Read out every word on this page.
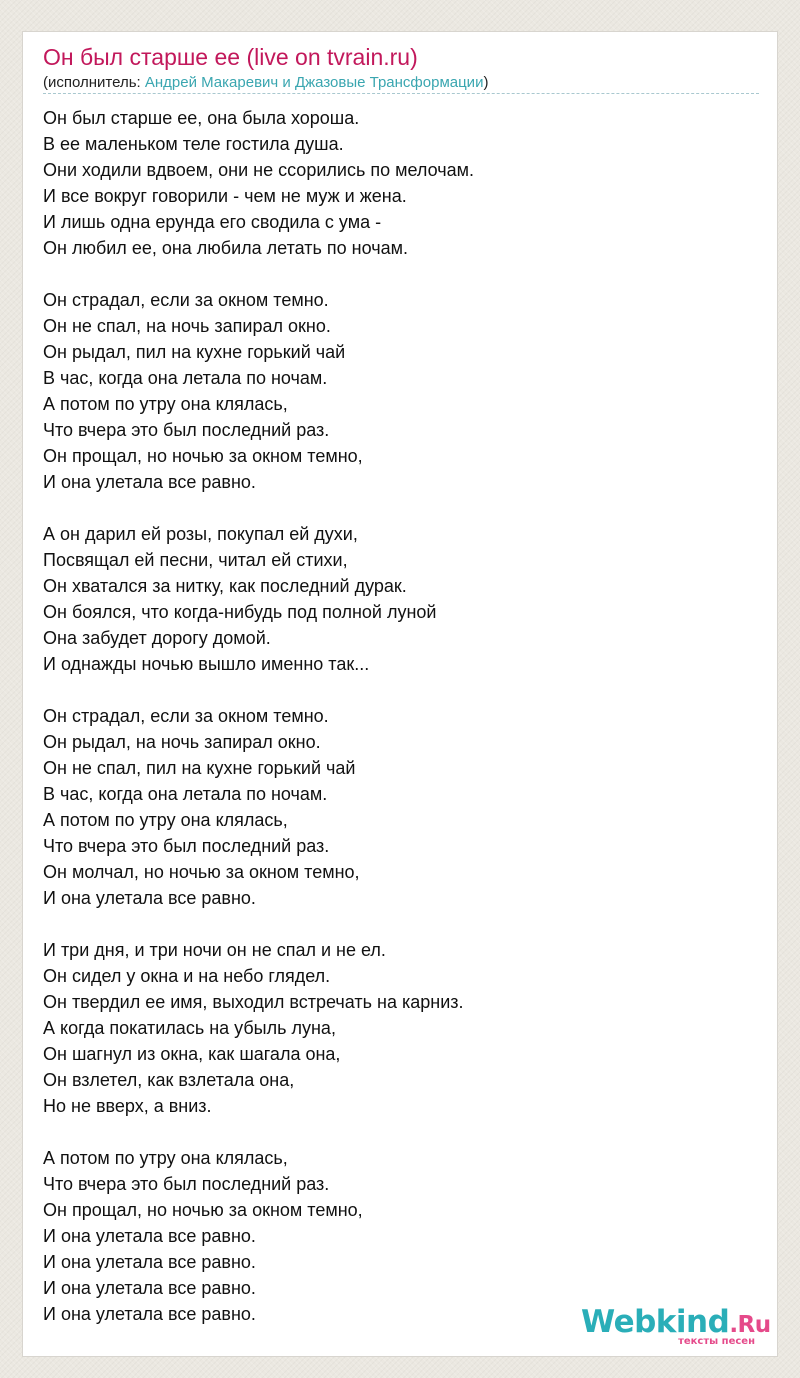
Он был старше ее (live on tvrain.ru)
(исполнитель: Андрей Макаревич и Джазовые Трансформации)
Он был старше ее, она была хороша.
В ее маленьком теле гостила душа.
Они ходили вдвоем, они не ссорились по мелочам.
И все вокруг говорили - чем не муж и жена.
И лишь одна ерунда его сводила с ума -
Он любил ее, она любила летать по ночам.
Он страдал, если за окном темно.
Он не спал, на ночь запирал окно.
Он рыдал, пил на кухне горький чай
В час, когда она летала по ночам.
А потом по утру она клялась,
Что вчера это был последний раз.
Он прощал, но ночью за окном темно,
И она улетала все равно.
А он дарил ей розы, покупал ей духи,
Посвящал ей песни, читал ей стихи,
Он хватался за нитку, как последний дурак.
Он боялся, что когда-нибудь под полной луной
Она забудет дорогу домой.
И однажды ночью вышло именно так...
Он страдал, если за окном темно.
Он рыдал, на ночь запирал окно.
Он не спал, пил на кухне горький чай
В час, когда она летала по ночам.
А потом по утру она клялась,
Что вчера это был последний раз.
Он молчал, но ночью за окном темно,
И она улетала все равно.
И три дня, и три ночи он не спал и не ел.
Он сидел у окна и на небо глядел.
Он твердил ее имя, выходил встречать на карниз.
А когда покатилась на убыль луна,
Он шагнул из окна, как шагала она,
Он взлетел, как взлетала она,
Но не вверх, а вниз.
А потом по утру она клялась,
Что вчера это был последний раз.
Он прощал, но ночью за окном темно,
И она улетала все равно.
И она улетала все равно.
И она улетала все равно.
И она улетала все равно.	Webkind.Ru
тексты песен
